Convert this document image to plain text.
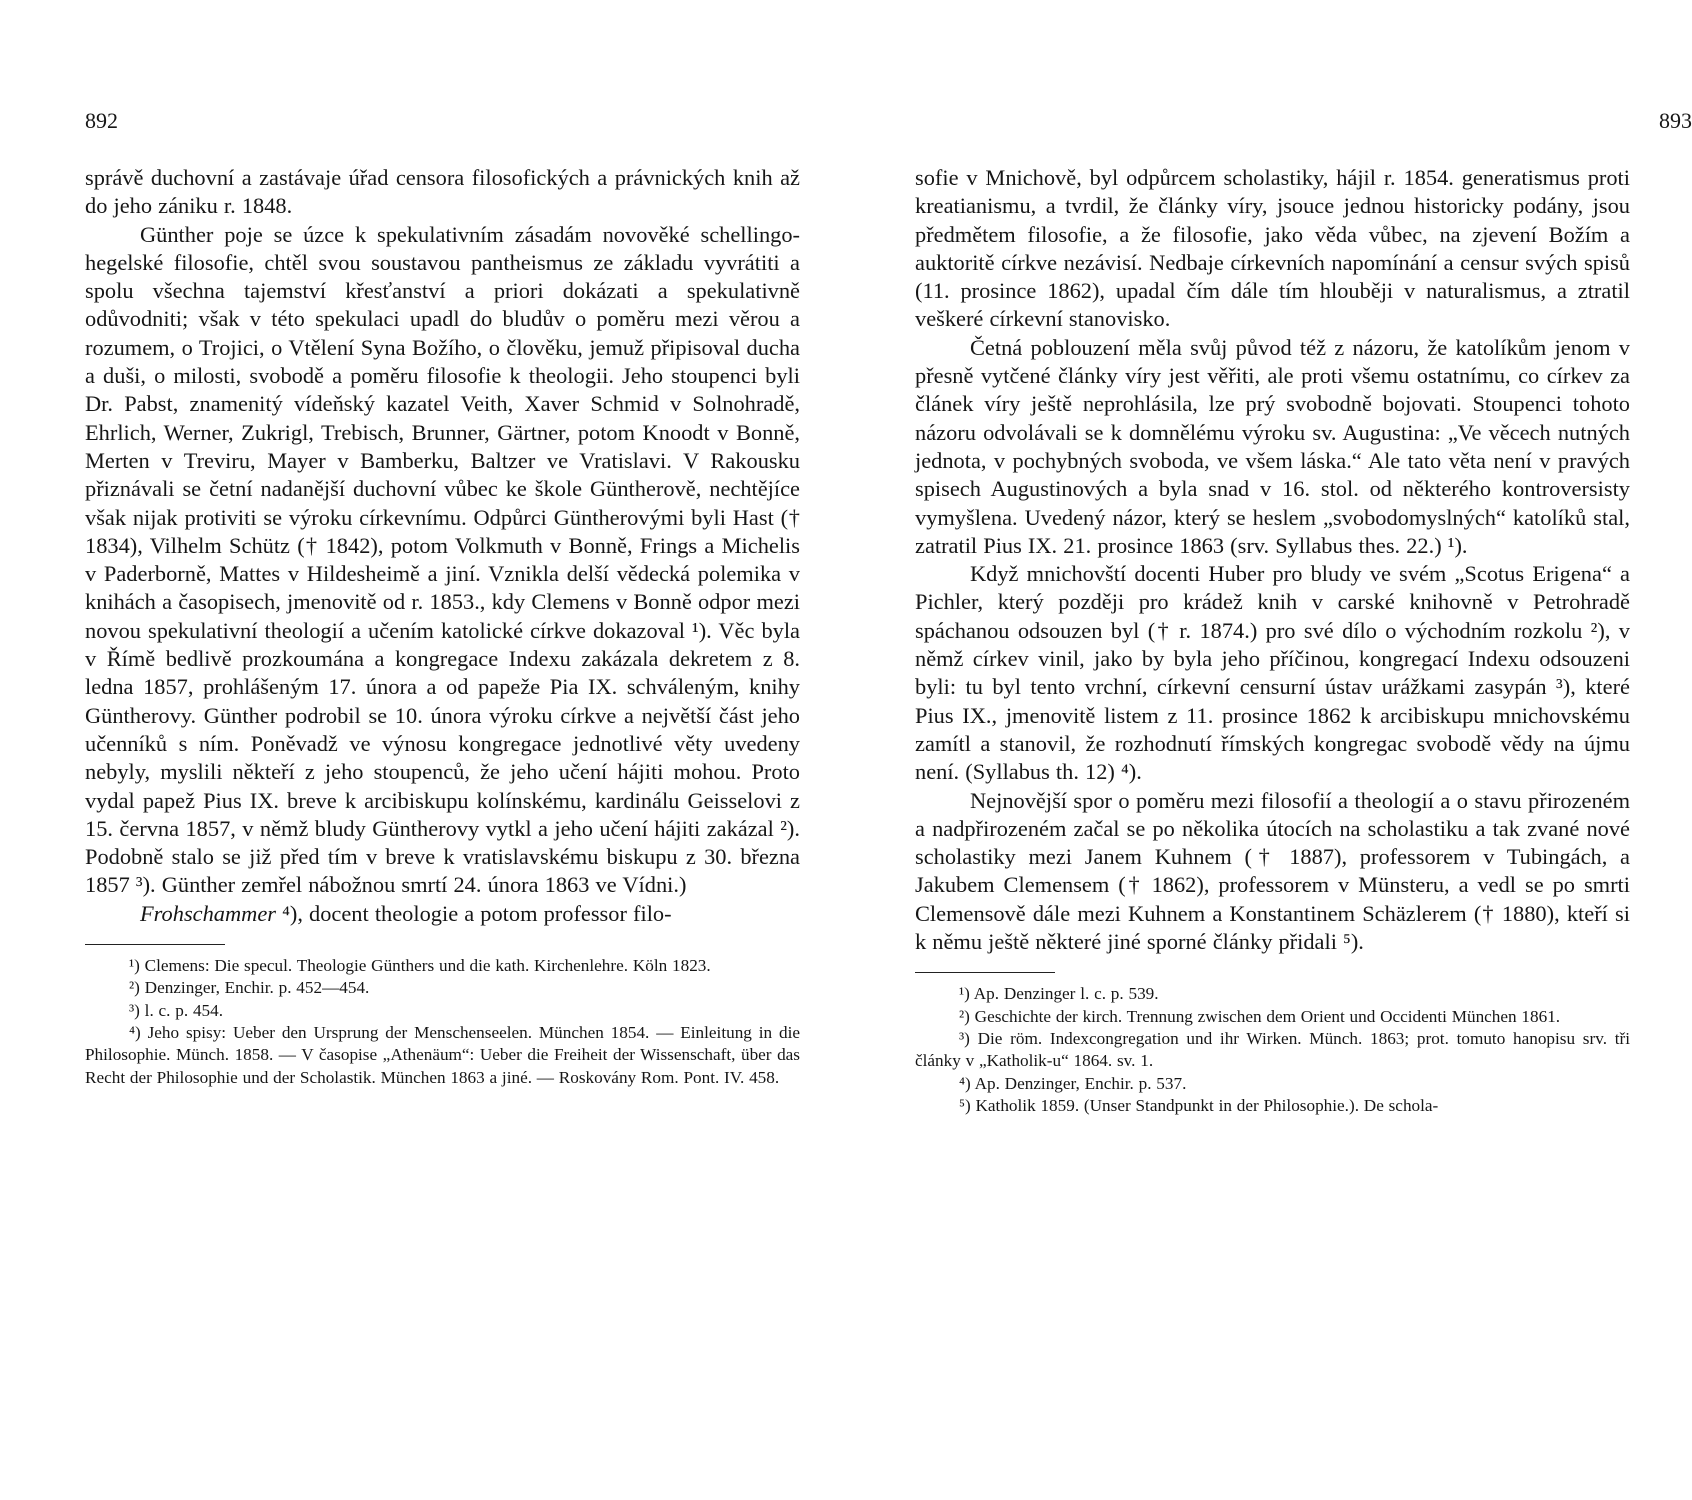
892

správě duchovní a zastávaje úřad censora filosofických a právnických knih až do jeho zániku r. 1848.

Günther poje se úzce k spekulativním zásadám novověké schellingo-hegelské filosofie, chtěl svou soustavou pantheismus ze základu vyvrátiti a spolu všechna tajemství křesťanství a priori dokázati a spekulativně odůvodniti; však v této spekulaci upadl do bludův o poměru mezi věrou a rozumem, o Trojici, o Vtělení Syna Božího, o člověku, jemuž připisoval ducha a duši, o milosti, svobodě a poměru filosofie k theologii. Jeho stoupenci byli Dr. Pabst, znamenitý vídeňský kazatel Veith, Xaver Schmid v Solnohradě, Ehrlich, Werner, Zukrigl, Trebisch, Brunner, Gärtner, potom Knoodt v Bonně, Merten v Treviru, Mayer v Bamberku, Baltzer ve Vratislavi. V Rakousku přiznávali se četní nadanější duchovní vůbec ke škole Güntherově, nechtějíce však nijak protiviti se výroku církevnímu. Odpůrci Güntherovými byli Hast († 1834), Vilhelm Schütz († 1842), potom Volkmuth v Bonně, Frings a Michelis v Paderborně, Mattes v Hildesheimě a jiní. Vznikla delší vědecká polemika v knihách a časopisech, jmenovitě od r. 1853., kdy Clemens v Bonně odpor mezi novou spekulativní theologií a učením katolické církve dokazoval ¹). Věc byla v Římě bedlivě prozkoumána a kongregace Indexu zakázala dekretem z 8. ledna 1857, prohlášeným 17. února a od papeže Pia IX. schváleným, knihy Güntherovy. Günther podrobil se 10. února výroku církve a největší část jeho učenníků s ním. Poněvadž ve výnosu kongregace jednotlivé věty uvedeny nebyly, myslili někteří z jeho stoupenců, že jeho učení hájiti mohou. Proto vydal papež Pius IX. breve k arcibiskupu kolínskému, kardinálu Geisselovi z 15. června 1857, v němž bludy Güntherovy vytkl a jeho učení hájiti zakázal ²). Podobně stalo se již před tím v breve k vratislavskému biskupu z 30. března 1857 ³). Günther zemřel nábožnou smrtí 24. února 1863 ve Vídni.)

Frohschammer ⁴), docent theologie a potom professor filo-

¹) Clemens: Die specul. Theologie Günthers und die kath. Kirchenlehre. Köln 1823.

²) Denzinger, Enchir. p. 452—454.

³) l. c. p. 454.

⁴) Jeho spisy: Ueber den Ursprung der Menschenseelen. München 1854. — Einleitung in die Philosophie. Münch. 1858. — V časopise „Athenäum“: Ueber die Freiheit der Wissenschaft, über das Recht der Philosophie und der Scholastik. München 1863 a jiné. — Roskovány Rom. Pont. IV. 458.

893

sofie v Mnichově, byl odpůrcem scholastiky, hájil r. 1854. generatismus proti kreatianismu, a tvrdil, že články víry, jsouce jednou historicky podány, jsou předmětem filosofie, a že filosofie, jako věda vůbec, na zjevení Božím a auktoritě církve nezávisí. Nedbaje církevních napomínání a censur svých spisů (11. prosince 1862), upadal čím dále tím hlouběji v naturalismus, a ztratil veškeré církevní stanovisko.

Četná poblouzení měla svůj původ též z názoru, že katolíkům jenom v přesně vytčené články víry jest věřiti, ale proti všemu ostatnímu, co církev za článek víry ještě neprohlásila, lze prý svobodně bojovati. Stoupenci tohoto názoru odvolávali se k domnělému výroku sv. Augustina: „Ve věcech nutných jednota, v pochybných svoboda, ve všem láska.“ Ale tato věta není v pravých spisech Augustinových a byla snad v 16. stol. od některého kontroversisty vymyšlena. Uvedený názor, který se heslem „svobodomyslných“ katolíků stal, zatratil Pius IX. 21. prosince 1863 (srv. Syllabus thes. 22.) ¹).

Když mnichovští docenti Huber pro bludy ve svém „Scotus Erigena“ a Pichler, který později pro krádež knih v carské knihovně v Petrohradě spáchanou odsouzen byl († r. 1874.) pro své dílo o východním rozkolu ²), v němž církev vinil, jako by byla jeho příčinou, kongregací Indexu odsouzeni byli: tu byl tento vrchní, církevní censurní ústav urážkami zasypán ³), které Pius IX., jmenovitě listem z 11. prosince 1862 k arcibiskupu mnichovskému zamítl a stanovil, že rozhodnutí římských kongregac svobodě vědy na újmu není. (Syllabus th. 12) ⁴).

Nejnovější spor o poměru mezi filosofií a theologií a o stavu přirozeném a nadpřirozeném začal se po několika útocích na scholastiku a tak zvané nové scholastiky mezi Janem Kuhnem († 1887), professorem v Tubingách, a Jakubem Clemensem († 1862), professorem v Münsteru, a vedl se po smrti Clemensově dále mezi Kuhnem a Konstantinem Schäzlerem († 1880), kteří si k němu ještě některé jiné sporné články přidali ⁵).

¹) Ap. Denzinger l. c. p. 539.

²) Geschichte der kirch. Trennung zwischen dem Orient und Occidenti München 1861.

³) Die röm. Indexcongregation und ihr Wirken. Münch. 1863; prot. tomuto hanopisu srv. tři články v „Katholik-u“ 1864. sv. 1.

⁴) Ap. Denzinger, Enchir. p. 537.

⁵) Katholik 1859. (Unser Standpunkt in der Philosophie.). De schola-
